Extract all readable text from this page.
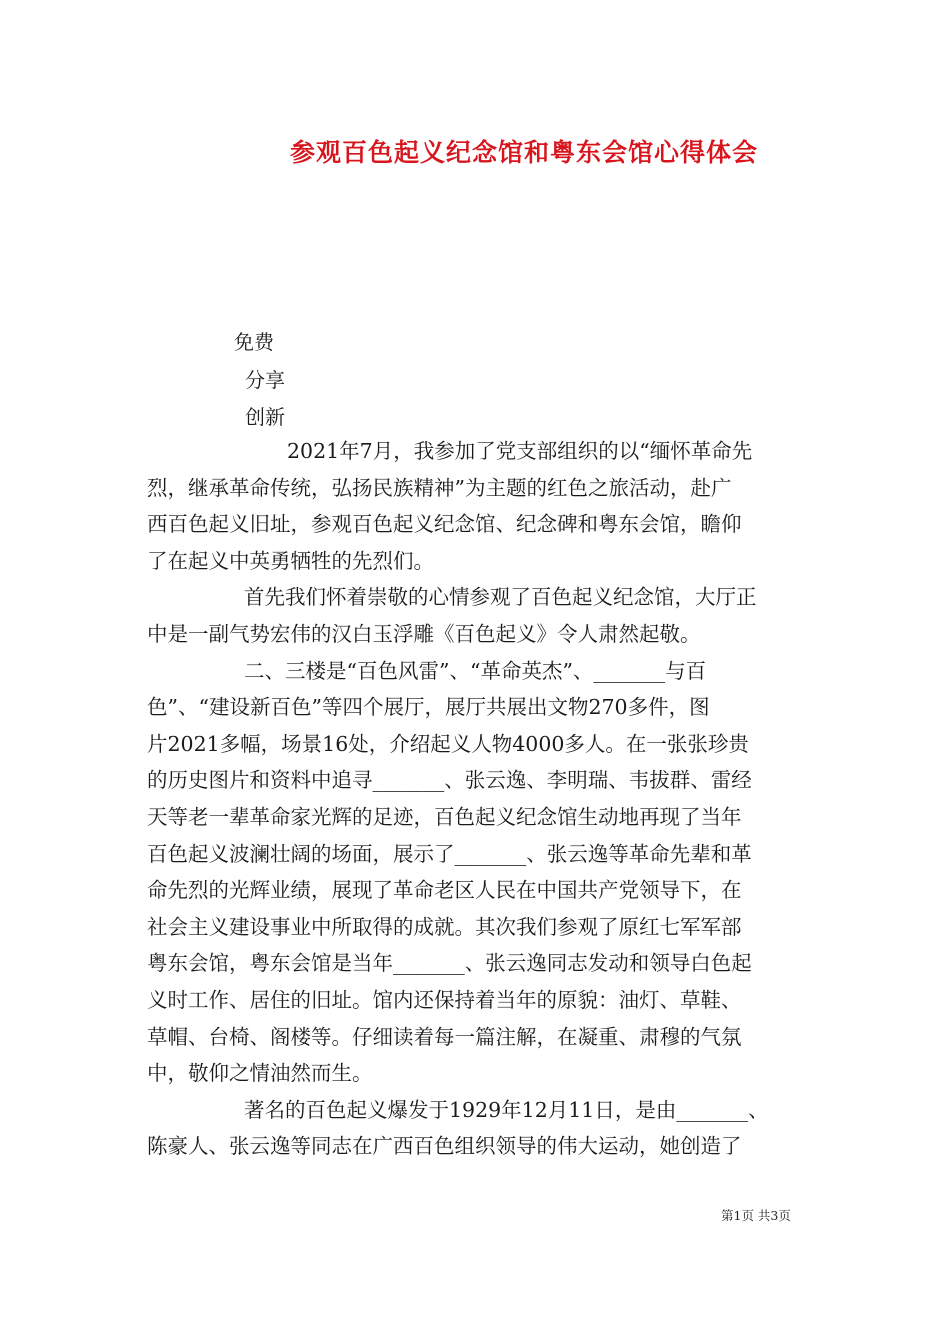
参观百色起义纪念馆和粤东会馆心得体会
免费
分享
创新
2021年7月，我参加了党支部组织的以“缅怀革命先
烈，继承革命传统，弘扬民族精神”为主题的红色之旅活动，赴广
西百色起义旧址，参观百色起义纪念馆、纪念碑和粤东会馆，瞻仰
了在起义中英勇牺牲的先烈们。
首先我们怀着崇敬的心情参观了百色起义纪念馆，大厅正
中是一副气势宏伟的汉白玉浮雕《百色起义》令人肃然起敬。
二、三楼是“百色风雷”、“革命英杰”、_______与百
色”、“建设新百色”等四个展厅，展厅共展出文物270多件，图
片2021多幅，场景16处，介绍起义人物4000多人。在一张张珍贵
的历史图片和资料中追寻_______、张云逸、李明瑞、韦拔群、雷经
天等老一辈革命家光辉的足迹，百色起义纪念馆生动地再现了当年
百色起义波澜壮阔的场面，展示了_______、张云逸等革命先辈和革
命先烈的光辉业绩，展现了革命老区人民在中国共产党领导下，在
社会主义建设事业中所取得的成就。其次我们参观了原红七军军部
粤东会馆，粤东会馆是当年_______、张云逸同志发动和领导白色起
义时工作、居住的旧址。馆内还保持着当年的原貌：油灯、草鞋、
草帽、台椅、阁楼等。仔细读着每一篇注解，在凝重、肃穆的气氛
中，敬仰之情油然而生。
著名的百色起义爆发于1929年12月11日，是由_______、
陈豪人、张云逸等同志在广西百色组织领导的伟大运动，她创造了
第1页 共3页
